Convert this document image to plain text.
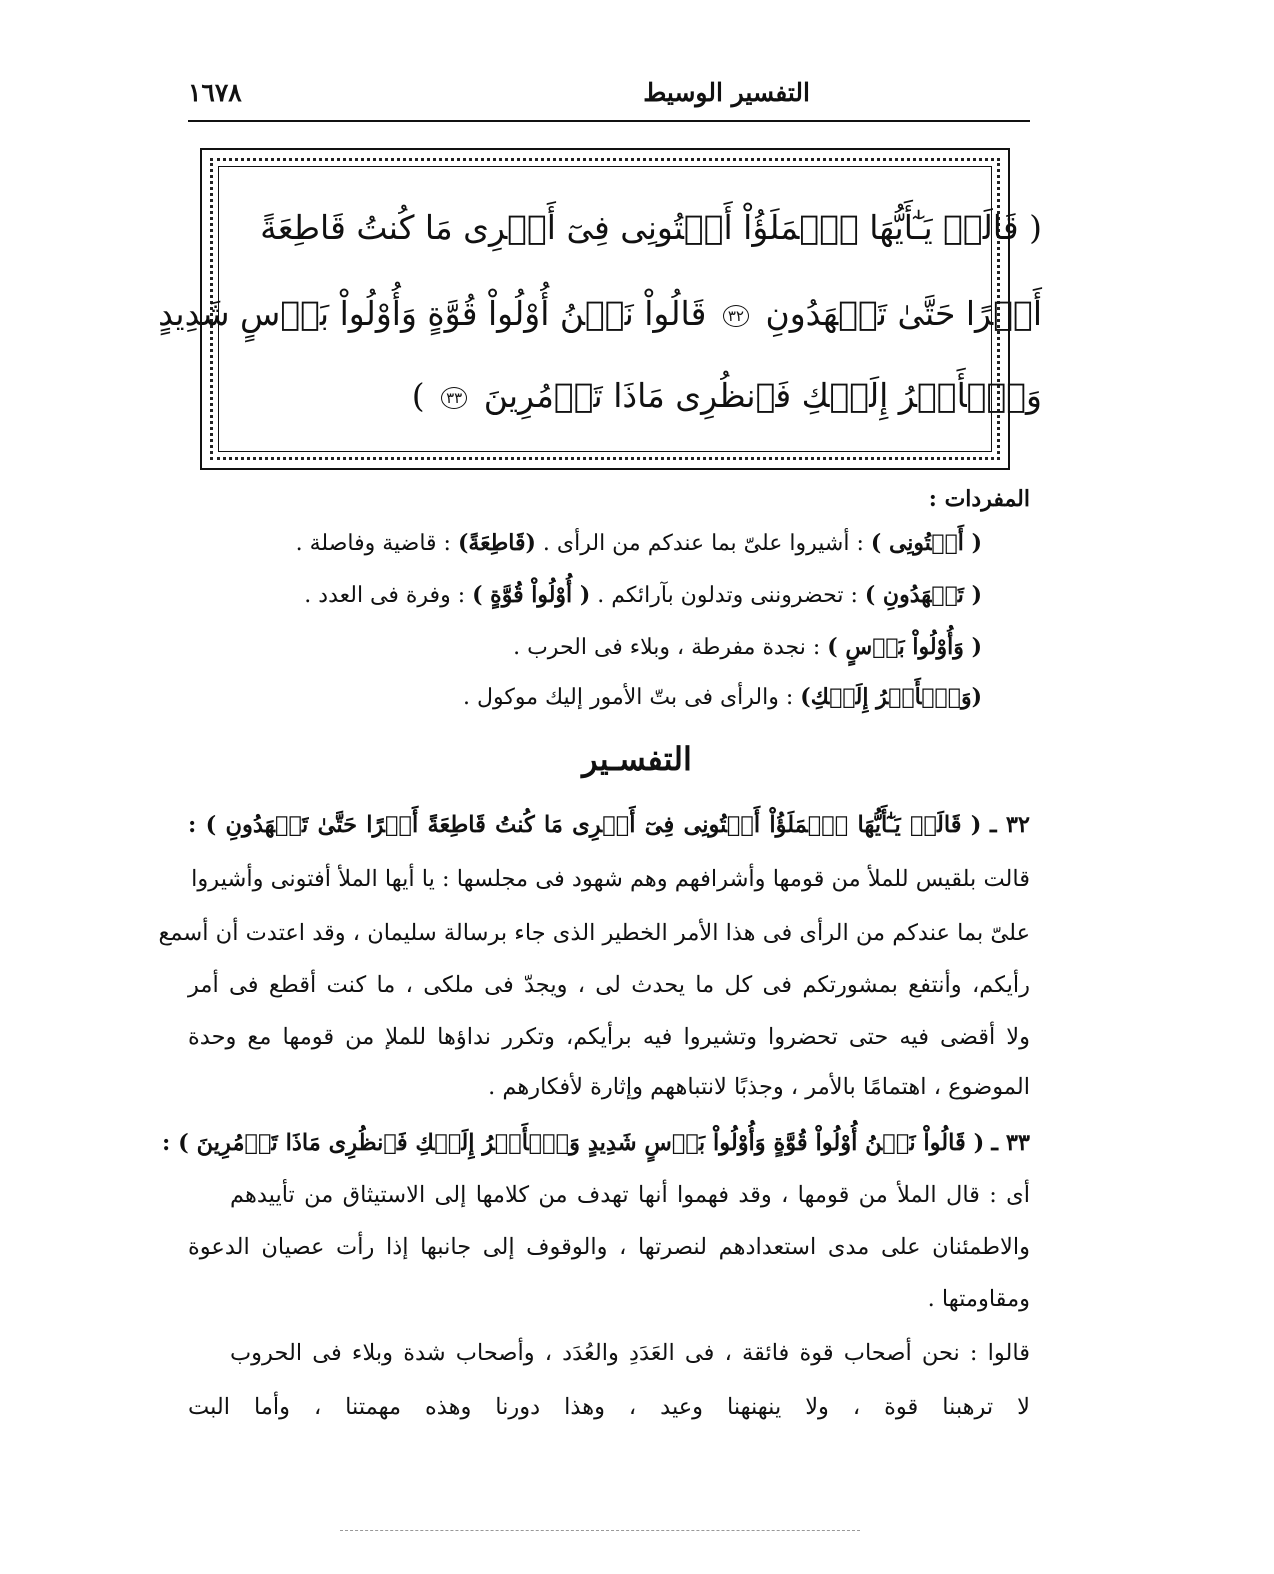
التفسير الوسيط
١٦٧٨
( قَالَتۡ يَـٰٓأَيُّهَا ٱلۡمَلَؤُاْ أَفۡتُونِى فِىٓ أَمۡرِى مَا كُنتُ قَاطِعَةً
أَمۡرًا حَتَّىٰ تَشۡهَدُونِ ٣٢ قَالُواْ نَحۡنُ أُوْلُواْ قُوَّةٍ وَأُوْلُواْ بَأۡسٍ شَدِيدٍ
وَٱلۡأَمۡرُ إِلَيۡكِ فَٱنظُرِى مَاذَا تَأۡمُرِينَ ٣٣ )
المفردات :
( أَفۡتُونِى ) : أشيروا علىّ بما عندكم من الرأى . (قَاطِعَةً) : قاضية وفاصلة .
( تَشۡهَدُونِ ) : تحضروننى وتدلون بآرائكم . ( أُوْلُواْ قُوَّةٍ ) : وفرة فى العدد .
( وَأُوْلُواْ بَأۡسٍ ) : نجدة مفرطة ، وبلاء فى الحرب .
(وَٱلۡأَمۡرُ إِلَيۡكِ) : والرأى فى بتّ الأمور إليك موكول .
التفسـير
٣٢ ـ ( قَالَتۡ يَـٰٓأَيُّهَا ٱلۡمَلَؤُاْ أَفۡتُونِى فِىٓ أَمۡرِى مَا كُنتُ قَاطِعَةً أَمۡرًا حَتَّىٰ تَشۡهَدُونِ ) :
قالت بلقيس للملأ من قومها وأشرافهم وهم شهود فى مجلسها : يا أيها الملأ أفتونى وأشيروا
علىّ بما عندكم من الرأى فى هذا الأمر الخطير الذى جاء برسالة سليمان ، وقد اعتدت أن أسمع
رأيكم، وأنتفع بمشورتكم فى كل ما يحدث لى ، ويجدّ فى ملكى ، ما كنت أقطع فى أمر
ولا أقضى فيه حتى تحضروا وتشيروا فيه برأيكم، وتكرر نداؤها للملإ من قومها مع وحدة
الموضوع ، اهتمامًا بالأمر ، وجذبًا لانتباههم وإثارة لأفكارهم .
٣٣ ـ ( قَالُواْ نَحۡنُ أُوْلُواْ قُوَّةٍ وَأُوْلُواْ بَأۡسٍ شَدِيدٍ وَٱلۡأَمۡرُ إِلَيۡكِ فَٱنظُرِى مَاذَا تَأۡمُرِينَ ) :
أى : قال الملأ من قومها ، وقد فهموا أنها تهدف من كلامها إلى الاستيثاق من تأييدهم
والاطمئنان على مدى استعدادهم لنصرتها ، والوقوف إلى جانبها إذا رأت عصيان الدعوة
ومقاومتها .
قالوا : نحن أصحاب قوة فائقة ، فى العَدَدِ والعُدَد ، وأصحاب شدة وبلاء فى الحروب
لا ترهبنا قوة ، ولا ينهنهنا وعيد ، وهذا دورنا وهذه مهمتنا ، وأما البت
